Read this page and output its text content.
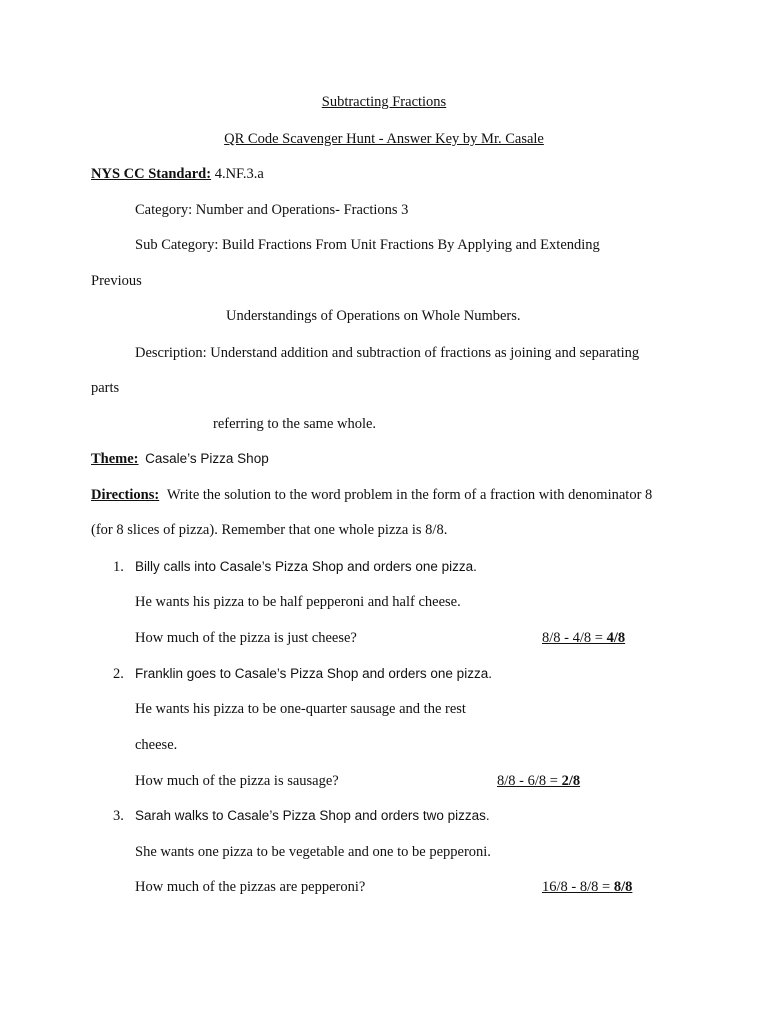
Subtracting Fractions
QR Code Scavenger Hunt - Answer Key by Mr. Casale
NYS CC Standard: 4.NF.3.a
Category: Number and Operations- Fractions 3
Sub Category: Build Fractions From Unit Fractions By Applying and Extending
Previous
Understandings of Operations on Whole Numbers.
Description: Understand addition and subtraction of fractions as joining and separating
parts
referring to the same whole.
Theme: Casale’s Pizza Shop
Directions: Write the solution to the word problem in the form of a fraction with denominator 8
(for 8 slices of pizza). Remember that one whole pizza is 8/8.
1. Billy calls into Casale’s Pizza Shop and orders one pizza.
He wants his pizza to be half pepperoni and half cheese.
How much of the pizza is just cheese?	8/8 - 4/8 = 4/8
2. Franklin goes to Casale’s Pizza Shop and orders one pizza.
He wants his pizza to be one-quarter sausage and the rest
cheese.
How much of the pizza is sausage?	8/8 - 6/8 = 2/8
3. Sarah walks to Casale’s Pizza Shop and orders two pizzas.
She wants one pizza to be vegetable and one to be pepperoni.
How much of the pizzas are pepperoni?	16/8 - 8/8 = 8/8
